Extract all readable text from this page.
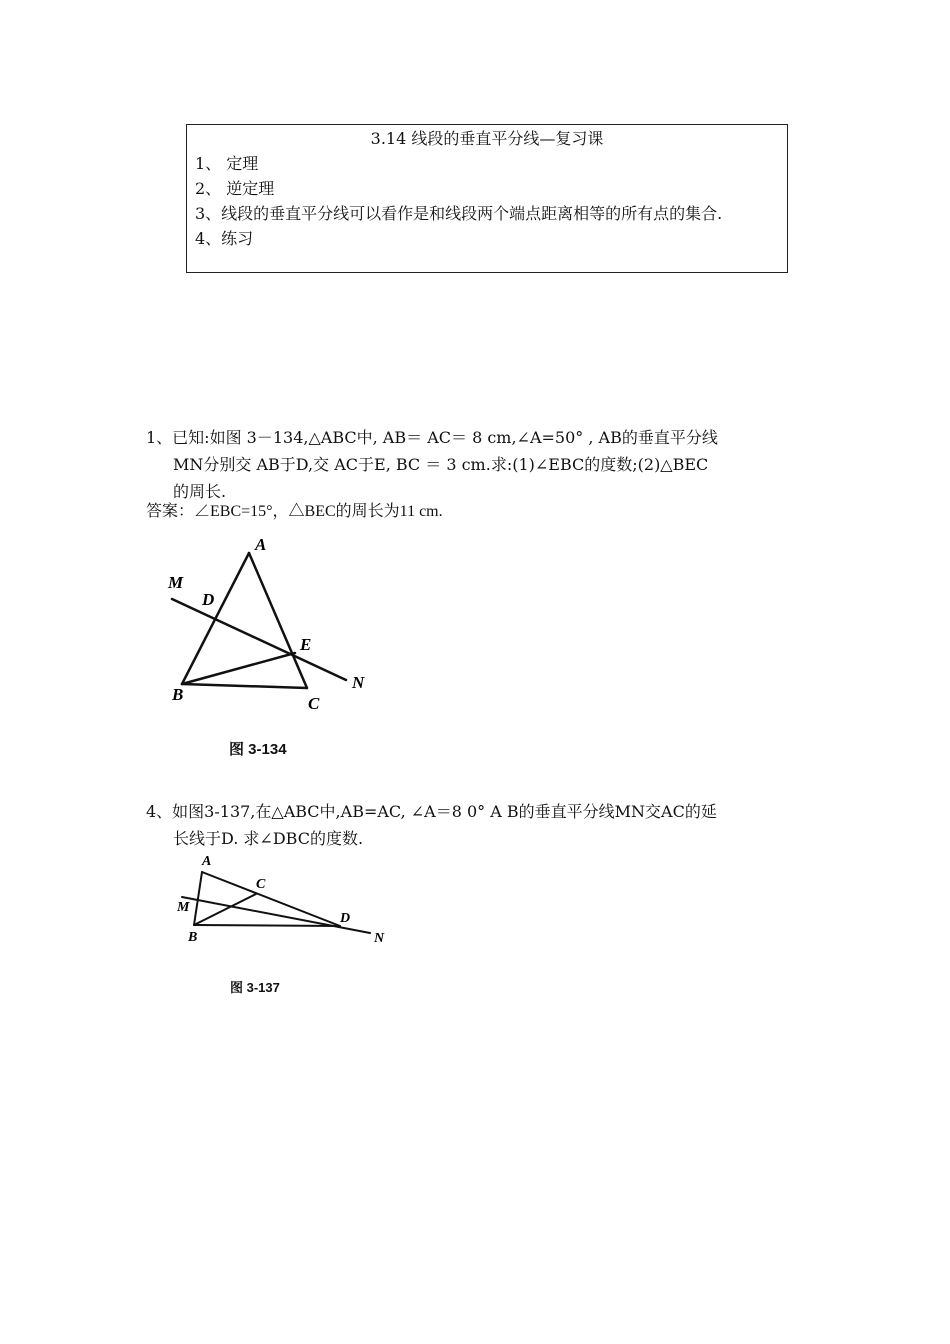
3.14 线段的垂直平分线—复习课
1、 定理
2、 逆定理
3、线段的垂直平分线可以看作是和线段两个端点距离相等的所有点的集合.
4、练习
1、已知:如图 3－134,△ABC中, AB＝ AC＝ 8 cm,∠A=50° , AB的垂直平分线
MN分别交 AB于D,交 AC于E, BC ＝ 3 cm.求:(1)∠EBC的度数;(2)△BEC
的周长.
答案：∠EBC=15°，△BEC的周长为11 cm.
A
B	C
D
E
M
N
图 3-134
4、如图3-137,在△ABC中,AB=AC, ∠A＝8 0° A B的垂直平分线MN交AC的延
长线于D. 求∠DBC的度数.
A
B
C
D
M
N
图 3-137
